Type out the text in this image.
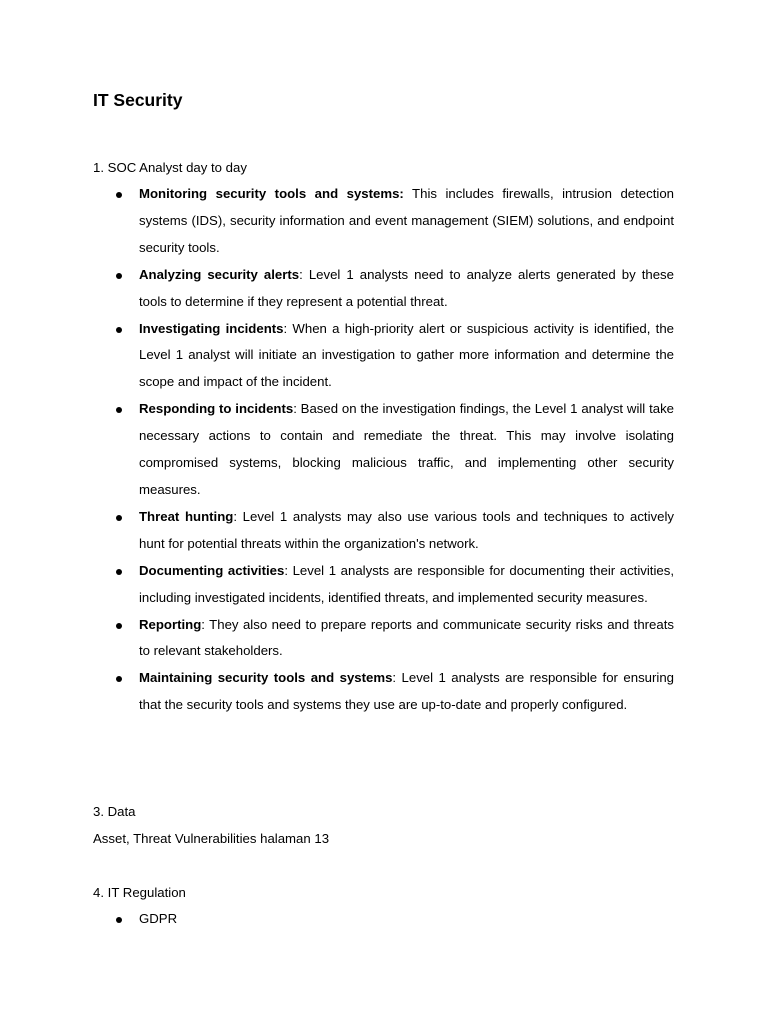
IT Security

1. SOC Analyst day to day

Monitoring security tools and systems: This includes firewalls, intrusion detection systems (IDS), security information and event management (SIEM) solutions, and endpoint security tools.
Analyzing security alerts: Level 1 analysts need to analyze alerts generated by these tools to determine if they represent a potential threat.
Investigating incidents: When a high-priority alert or suspicious activity is identified, the Level 1 analyst will initiate an investigation to gather more information and determine the scope and impact of the incident.
Responding to incidents: Based on the investigation findings, the Level 1 analyst will take necessary actions to contain and remediate the threat. This may involve isolating compromised systems, blocking malicious traffic, and implementing other security measures.
Threat hunting: Level 1 analysts may also use various tools and techniques to actively hunt for potential threats within the organization's network.
Documenting activities: Level 1 analysts are responsible for documenting their activities, including investigated incidents, identified threats, and implemented security measures.
Reporting: They also need to prepare reports and communicate security risks and threats to relevant stakeholders.
Maintaining security tools and systems: Level 1 analysts are responsible for ensuring that the security tools and systems they use are up-to-date and properly configured.

3. Data

Asset, Threat Vulnerabilities halaman 13

4. IT Regulation

GDPR
